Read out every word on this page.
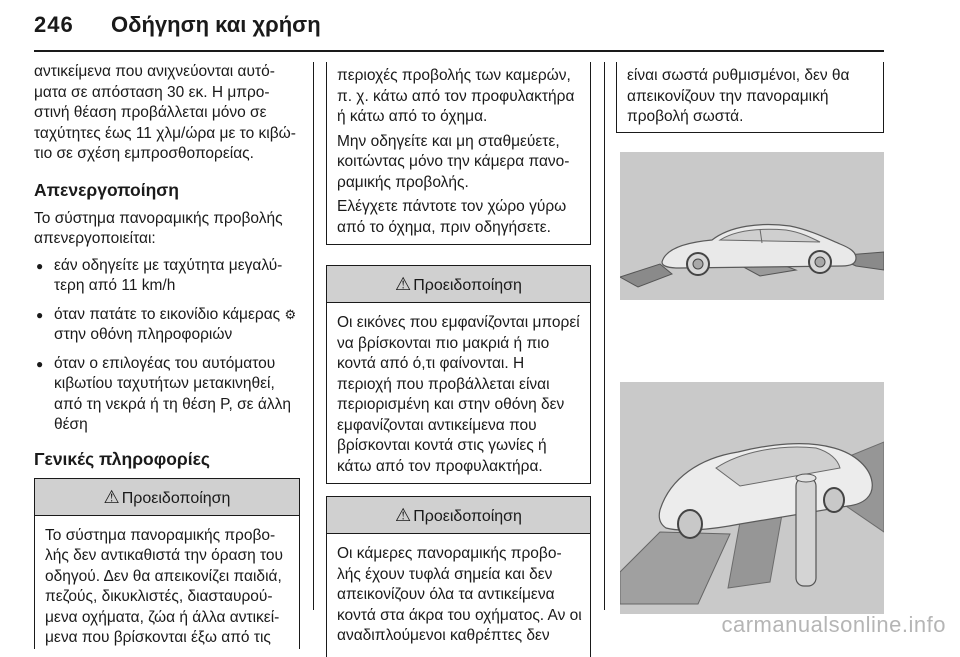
246 Οδήγηση και χρήση

αντικείμενα που ανιχνεύονται αυτό- ματα σε απόσταση 30 εκ. Η μπρο- στινή θέαση προβάλλεται μόνο σε ταχύτητες έως 11 χλμ/ώρα με το κιβώ- τιο σε σχέση εμπροσθοπορείας.

Απενεργοποίηση

Το σύστημα πανοραμικής προβολής απενεργοποιείται:

● εάν οδηγείτε με ταχύτητα μεγαλύ- τερη από 11 km/h
● όταν πατάτε το εικονίδιο κάμερας ⚙στην οθόνη πληροφοριών
● όταν ο επιλογέας του αυτόματου κιβωτίου ταχυτήτων μετακινηθεί, από τη νεκρά ή τη θέση P, σε άλλη θέση
Γενικές πληροφορίες
⚠ Προειδοποίηση
Το σύστημα πανοραμικής προβο- λής δεν αντικαθιστά την όραση του οδηγού. Δεν θα απεικονίζει παιδιά, πεζούς, δικυκλιστές, διασταυρού- μενα οχήματα, ζώα ή άλλα αντικεί- μενα που βρίσκονται έξω από τις

περιοχές προβολής των καμερών, π. χ. κάτω από τον προφυλακτήρα ή κάτω από το όχημα.

Μην οδηγείτε και μη σταθμεύετε, κοιτώντας μόνο την κάμερα πανο- ραμικής προβολής.

Ελέγχετε πάντοτε τον χώρο γύρω από το όχημα, πριν οδηγήσετε.

⚠ Προειδοποίηση
Οι εικόνες που εμφανίζονται μπορεί να βρίσκονται πιο μακριά ή πιο κοντά από ό,τι φαίνονται. Η περιοχή που προβάλλεται είναι περιορισμένη και στην οθόνη δεν εμφανίζονται αντικείμενα που βρίσκονται κοντά στις γωνίες ή κάτω από τον προφυλακτήρα.
⚠ Προειδοποίηση
Οι κάμερες πανοραμικής προβο- λής έχουν τυφλά σημεία και δεν απεικονίζουν όλα τα αντικείμενα κοντά στα άκρα του οχήματος. Αν οι αναδιπλούμενοι καθρέπτες δεν

είναι σωστά ρυθμισμένοι, δεν θα απεικονίζουν την πανοραμική προβολή σωστά.

carmanualsonline.info
